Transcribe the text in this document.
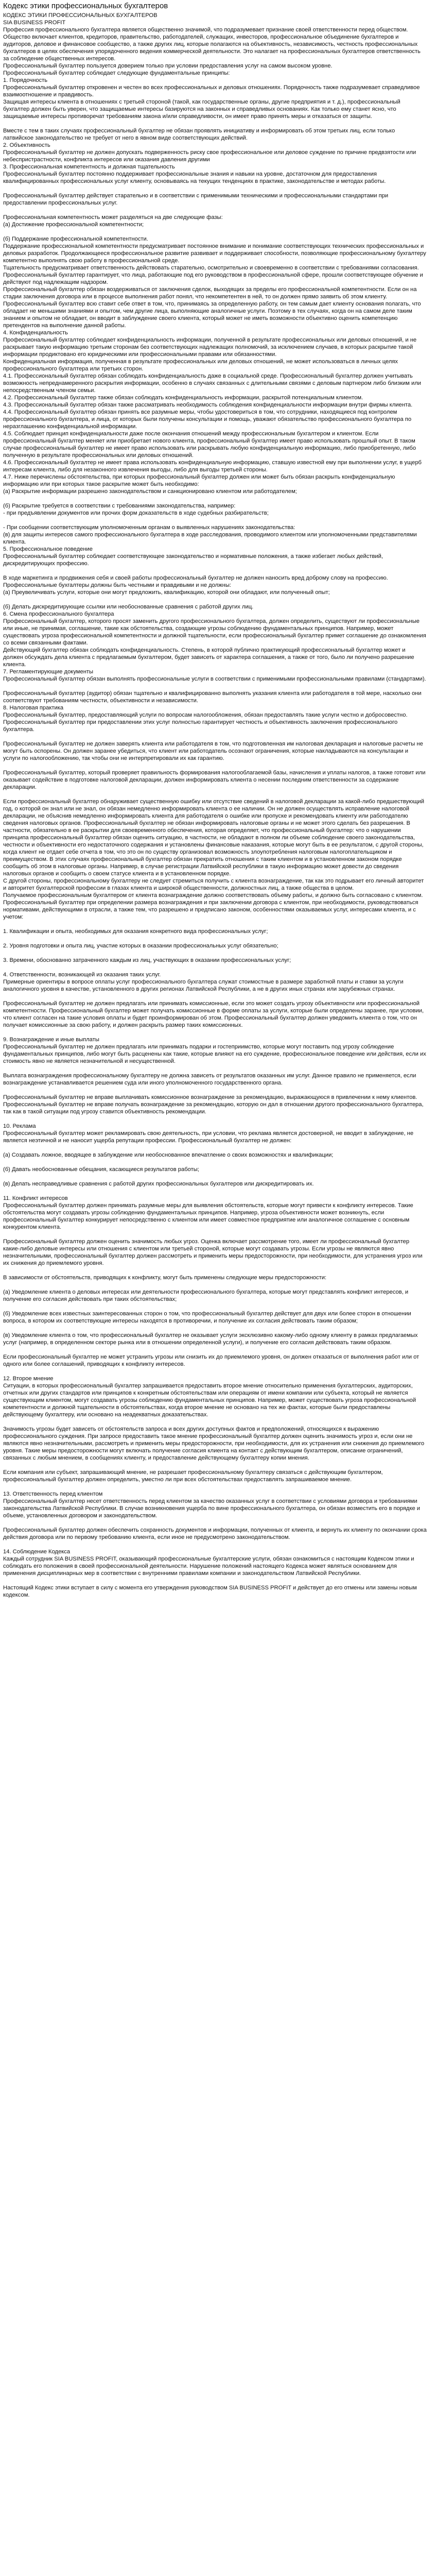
Кодекс этики профессиональных бухгалтеров

КОДЕКС ЭТИКИ ПРОФЕССИОНАЛЬНЫХ БУХГАЛТЕРОВ

SIA BUSINESS PROFIT

Профессия профессионального бухгалтера является общественно значимой, что подразумевает признание своей ответственности перед обществом. Общество включает клиентов, кредиторов, правительство, работодателей, служащих, инвесторов, профессиональное объединение бухгалтеров и аудиторов, деловое и финансовое сообщество, а также других лиц, которые полагаются на объективность, независимость, честность профессиональных бухгалтеров в целях обеспечения упорядоченного ведения коммерческой деятельности. Это налагает на профессиональных бухгалтеров ответственность за соблюдение общественных интересов.

Профессиональный бухгалтер пользуется доверием только при условии предоставления услуг на самом высоком уровне.

Профессиональный бухгалтер соблюдает следующие фундаментальные принципы:

1. Порядочность

Профессиональный бухгалтер откровенен и честен во всех профессиональных и деловых отношениях. Порядочность также подразумевает справедливое взаимоотношение и правдивость.

Защищая интересы клиента в отношениях с третьей стороной (такой, как государственные органы, другие предприятия и т. д.), профессиональный бухгалтер должен быть уверен, что защищаемые интересы базируются на законных и справедливых основаниях. Как только ему станет ясно, что защищаемые интересы противоречат требованиям закона и/или справедливости, он имеет право принять меры и отказаться от защиты.

Вместе с тем в таких случаях профессиональный бухгалтер не обязан проявлять инициативу и информировать об этом третьих лиц, если только латвийское законодательство не требует от него в явном виде соответствующих действий.

2. Объективность

Профессиональный бухгалтер не должен допускать подверженность риску свое профессиональное или деловое суждение по причине предвзятости или небеспристрастности, конфликта интересов или оказания давления другими

3. Профессиональная компетентность и должная тщательность

Профессиональный бухгалтер постоянно поддерживает профессиональные знания и навыки на уровне, достаточном для предоставления квалифицированных профессиональных услуг клиенту, основываясь на текущих тенденциях в практике, законодательстве и методах работы.

Профессиональный бухгалтер действует старательно и в соответствии с применимыми техническими и профессиональными стандартами при предоставлении профессиональных услуг.

Профессиональная компетентность может разделяться на две следующие фазы:

(а) Достижение профессиональной компетентности;

(б) Поддержание профессиональной компетентности.

Поддержание профессиональной компетентности предусматривает постоянное внимание и понимание соответствующих технических профессиональных и деловых разработок. Продолжающееся профессиональное развитие развивает и поддерживает способности, позволяющие профессиональному бухгалтеру компетентно выполнять свою работу в профессиональной среде.

Тщательность предусматривает ответственность действовать старательно, осмотрительно и своевременно в соответствии с требованиями согласования.

Профессиональный бухгалтер гарантирует, что лица, работающие под его руководством в профессиональной сфере, прошли соответствующее обучение и действуют под надлежащим надзором.

Профессиональный бухгалтер обязан воздерживаться от заключения сделок, выходящих за пределы его профессиональной компетентности. Если он на стадии заключения договора или в процессе выполнения работ понял, что некомпетентен в ней, то он должен прямо заявить об этом клиенту.

Профессиональный бухгалтер всю ставит себе ответ в том, что, принимаясь за определенную работу, он тем самым дает клиенту основания полагать, что обладает не меньшими знаниями и опытом, чем другие лица, выполняющие аналогичные услуги. Поэтому в тех случаях, когда он на самом деле таким знанием и опытом не обладает, он вводит в заблуждение своего клиента, который может не иметь возможности объективно оценить компетенцию претендентов на выполнение данной работы.

4. Конфиденциальность

Профессиональный бухгалтер соблюдает конфиденциальность информации, полученной в результате профессиональных или деловых отношений, и не раскрывает такую информацию третьим сторонам без соответствующих надлежащих полномочий, за исключением случаев, в которых раскрытие такой информации продиктовано его юридическими или профессиональными правами или обязанностями.

Конфиденциальная информация, полученная в результате профессиональных или деловых отношений, не может использоваться в личных целях профессионального бухгалтера или третьих сторон.

4.1. Профессиональный бухгалтер обязан соблюдать конфиденциальность даже в социальной среде. Профессиональный бухгалтер должен учитывать возможность непреднамеренного раскрытия информации, особенно в случаях связанных с длительными связями с деловым партнером либо близким или непосредственным членом семьи.

4.2. Профессиональный бухгалтер также обязан соблюдать конфиденциальность информации, раскрытой потенциальным клиентом.

4.3. Профессиональный бухгалтер обязан также рассматривать необходимость соблюдения конфиденциальности информации внутри фирмы клиента.

4.4. Профессиональный бухгалтер обязан принять все разумные меры, чтобы удостовериться в том, что сотрудники, находящиеся под контролем профессионального бухгалтера, и лица, от которых были получены консультации и помощь, уважают обязательство профессионального бухгалтера по неразглашению конфиденциальной информации.

4.5. Соблюдает принцип конфиденциальности даже после окончания отношений между профессиональным бухгалтером и клиентом. Если профессиональный бухгалтер меняет или приобретает нового клиента, профессиональный бухгалтер имеет право использовать прошлый опыт. В таком случае профессиональный бухгалтер не имеет право использовать или раскрывать любую конфиденциальную информацию, либо приобретенную, либо полученную в результате профессиональных или деловых отношений.

4.6. Профессиональный бухгалтер не имеет права использовать конфиденциальную информацию, ставшую известной ему при выполнении услуг, в ущерб интересам клиента, либо для незаконного извлечения выгоды, либо для выгоды третьей стороны.

4.7. Ниже перечислены обстоятельства, при которых профессиональный бухгалтер должен или может быть обязан раскрыть конфиденциальную информацию или при которых такое раскрытие может быть необходимо:

(а) Раскрытие информации разрешено законодательством и санкционировано клиентом или работодателем;

(б) Раскрытие требуется в соответствии с требованиями законодательства, например:

- при предъявлении документов или прочих форм доказательств в ходе судебных разбирательств;

- При сообщении соответствующим уполномоченным органам о выявленных нарушениях законодательства:

(в) для защиты интересов самого профессионального бухгалтера в ходе расследования, проводимого клиентом или уполномоченными представителями клиента.

5. Профессиональное поведение

Профессиональный бухгалтер соблюдает соответствующее законодательство и нормативные положения, а также избегает любых действий, дискредитирующих профессию.

В ходе маркетинга и продвижения себя и своей работы профессиональный бухгалтер не должен наносить вред доброму слову на профессию. Профессиональные бухгалтеры должны быть честными и правдивыми и не должны:

(а) Преувеличивать услуги, которые они могут предложить, квалификацию, которой они обладают, или полученный опыт;

(б) Делать дискредитирующие ссылки или необоснованные сравнения с работой других лиц.

6. Смена профессионального бухгалтера

Профессиональный бухгалтер, которого просят заменить другого профессионального бухгалтера, должен определить, существуют ли профессиональные или иные, не принимая, соглашение, такие как обстоятельства, создающие угрозы соблюдению фундаментальных принципов. Например, может существовать угроза профессиональной компетентности и должной тщательности, если профессиональный бухгалтер примет соглашение до ознакомления со всеми связанными фактами.

Действующий бухгалтер обязан соблюдать конфиденциальность. Степень, в которой публично практикующий профессиональный бухгалтер может и должен обсуждать дела клиента с предлагаемым бухгалтером, будет зависеть от характера соглашения, а также от того, было ли получено разрешение клиента.

7. Регламентирующие документы

Профессиональный бухгалтер обязан выполнять профессиональные услуги в соответствии с применимыми профессиональными правилами (стандартами).

Профессиональный бухгалтер (аудитор) обязан тщательно и квалифицированно выполнять указания клиента или работодателя в той мере, насколько они соответствуют требованиям честности, объективности и независимости.

8. Налоговая практика

Профессиональный бухгалтер, предоставляющий услуги по вопросам налогообложения, обязан предоставлять такие услуги честно и добросовестно. Профессиональный бухгалтер при предоставлении этих услуг полностью гарантирует честность и объективность заключения профессионального бухгалтера.

Профессиональный бухгалтер не должен заверять клиента или работодателя в том, что подготовленная им налоговая декларация и налоговые расчеты не могут быть оспорены. Он должен заранее убедиться, что клиент или работодатель осознают ограничения, которые накладываются на консультации и услуги по налогообложению, так чтобы они не интерпретировали их как гарантию.

Профессиональный бухгалтер, который проверяет правильность формирования налогооблагаемой базы, начисления и уплаты налогов, а также готовит или оказывает содействие в подготовке налоговой декларации, должен информировать клиента о несении последним ответственности за содержание декларации.

Если профессиональный бухгалтер обнаруживает существенную ошибку или отсутствие сведений в налоговой декларации за какой-либо предшествующий год, о которой он знал или не знал, он обязан немедленно информировать клиента о ее наличии. Он не должен осуществлять исправление налоговой декларации, не объяснив немедленно информировать клиента для работодателя о ошибке или пропуске и рекомендовать клиенту или работодателю сведения налоговых органов. Профессиональный бухгалтер не обязан информировать налоговые органы и не может этого сделать без разрешения. В частности, обязательно в ее раскрытии для своевременного обеспечения, которая определяет, что профессиональный бухгалтер: что о нарушении принципа профессиональный бухгалтер обязан оценить ситуацию, в частности, не обладают в полном ли объеме соблюдение своего законодательства, честности и объективности его недостаточного содержания и установлены финансовые наказания, которые могут быть в ее результатом, с другой стороны, когда клиент не отдает себе отчета в том, что это он по существу организовал возможность злоупотребления налоговым налогоплательщиком и преимуществом. В этих случаях профессиональный бухгалтер обязан прекратить отношения с таким клиентом и в установленном законом порядке сообщить об этом в налоговые органы. Например, в случае регистрации Латвийской республики в такую информацию может довести до сведения налоговых органов и сообщить о своем статусе клиента и в установленном порядке.

С другой стороны, профессиональному бухгалтеру не следует стремиться получить с клиента вознаграждение, так как это подрывает его личный авторитет и авторитет бухгалтерской профессии в глазах клиента и широкой общественности, должностных лиц, а также общества в целом.

Получаемое профессиональным бухгалтером от клиента вознаграждение должно соответствовать объему работы, и должно быть согласовано с клиентом. Профессиональный бухгалтер при определении размера вознаграждения и при заключении договора с клиентом, при необходимости, руководствоваться нормативами, действующими в отрасли, а также тем, что разрешено и предписано законом, особенностями оказываемых услуг, интересами клиента, и с учетом:

1. Квалификации и опыта, необходимых для оказания конкретного вида профессиональных услуг;

2. Уровня подготовки и опыта лиц, участие которых в оказании профессиональных услуг обязательно;

3. Времени, обоснованно затраченного каждым из лиц, участвующих в оказании профессиональных услуг;

4. Ответственности, возникающей из оказания таких услуг.

Примерные ориентиры в вопросе оплаты услуг профессионального бухгалтера служат стоимостные в размере заработной платы и ставки за услуги аналогичного уровня в качестве, установленного в других регионах Латвийской Республики, а не в других иных странах или зарубежных странах.

Профессиональный бухгалтер не должен предлагать или принимать комиссионные, если это может создать угрозу объективности или профессиональной компетентности. Профессиональный бухгалтер может получать комиссионные в форме оплаты за услуги, которые были определены заранее, при условии, что клиент согласен на такие условия оплаты и будет проинформирован об этом. Профессиональный бухгалтер должен уведомить клиента о том, что он получает комиссионные за свою работу, и должен раскрыть размер таких комиссионных.

9. Вознаграждение и иные выплаты

Профессиональный бухгалтер не должен предлагать или принимать подарки и гостеприимство, которые могут поставить под угрозу соблюдение фундаментальных принципов, либо могут быть расценены как такие, которые влияют на его суждение, профессиональное поведение или действия, если их стоимость явно не является незначительной и несущественной.

Выплата вознаграждения профессиональному бухгалтеру не должна зависеть от результатов оказанных им услуг. Данное правило не применяется, если вознаграждение устанавливается решением суда или иного уполномоченного государственного органа.

Профессиональный бухгалтер не вправе выплачивать комиссионное вознаграждение за рекомендацию, выражающуюся в привлечении к нему клиентов. Профессиональный бухгалтер не вправе получать вознаграждение за рекомендацию, которую он дал в отношении другого профессионального бухгалтера, так как в такой ситуации под угрозу ставится объективность рекомендации.

10. Реклама

Профессиональный бухгалтер может рекламировать свою деятельность, при условии, что реклама является достоверной, не вводит в заблуждение, не является неэтичной и не наносит ущерба репутации профессии. Профессиональный бухгалтер не должен:

(а) Создавать ложное, вводящее в заблуждение или необоснованное впечатление о своих возможностях и квалификации;

(б) Давать необоснованные обещания, касающиеся результатов работы;

(в) Делать несправедливые сравнения с работой других профессиональных бухгалтеров или дискредитировать их.

11. Конфликт интересов

Профессиональный бухгалтер должен принимать разумные меры для выявления обстоятельств, которые могут привести к конфликту интересов. Такие обстоятельства могут создавать угрозы соблюдению фундаментальных принципов. Например, угроза объективности может возникнуть, если профессиональный бухгалтер конкурирует непосредственно с клиентом или имеет совместное предприятие или аналогичное соглашение с основным конкурентом клиента.

Профессиональный бухгалтер должен оценить значимость любых угроз. Оценка включает рассмотрение того, имеет ли профессиональный бухгалтер какие-либо деловые интересы или отношения с клиентом или третьей стороной, которые могут создавать угрозы. Если угрозы не являются явно незначительными, профессиональный бухгалтер должен рассмотреть и применить меры предосторожности, при необходимости, для устранения угроз или их снижения до приемлемого уровня.

В зависимости от обстоятельств, приводящих к конфликту, могут быть применены следующие меры предосторожности:

(а) Уведомление клиента о деловых интересах или деятельности профессионального бухгалтера, которые могут представлять конфликт интересов, и получение его согласия действовать при таких обстоятельствах;

(б) Уведомление всех известных заинтересованных сторон о том, что профессиональный бухгалтер действует для двух или более сторон в отношении вопроса, в котором их соответствующие интересы находятся в противоречии, и получение их согласия действовать таким образом;

(в) Уведомление клиента о том, что профессиональный бухгалтер не оказывает услуги эксклюзивно какому-либо одному клиенту в рамках предлагаемых услуг (например, в определенном секторе рынка или в отношении определенной услуги), и получение его согласия действовать таким образом.

Если профессиональный бухгалтер не может устранить угрозы или снизить их до приемлемого уровня, он должен отказаться от выполнения работ или от одного или более соглашений, приводящих к конфликту интересов.

12. Второе мнение

Ситуации, в которых профессиональный бухгалтер запрашивается предоставить второе мнение относительно применения бухгалтерских, аудиторских, отчетных или других стандартов или принципов к конкретным обстоятельствам или операциям от имени компании или субъекта, который не является существующим клиентом, могут создавать угрозы соблюдению фундаментальных принципов. Например, может существовать угроза профессиональной компетентности и должной тщательности в обстоятельствах, когда второе мнение не основано на тех же фактах, которые были предоставлены действующему бухгалтеру, или основано на неадекватных доказательствах.

Значимость угрозы будет зависеть от обстоятельств запроса и всех других доступных фактов и предположений, относящихся к выражению профессионального суждения. При запросе предоставить такое мнение профессиональный бухгалтер должен оценить значимость угроз и, если они не являются явно незначительными, рассмотреть и применить меры предосторожности, при необходимости, для их устранения или снижения до приемлемого уровня. Такие меры предосторожности могут включать получение согласия клиента на контакт с действующим бухгалтером, описание ограничений, связанных с любым мнением, в сообщениях клиенту, и предоставление действующему бухгалтеру копии мнения.

Если компания или субъект, запрашивающий мнение, не разрешает профессиональному бухгалтеру связаться с действующим бухгалтером, профессиональный бухгалтер должен определить, уместно ли при всех обстоятельствах предоставлять запрашиваемое мнение.

13. Ответственность перед клиентом

Профессиональный бухгалтер несет ответственность перед клиентом за качество оказанных услуг в соответствии с условиями договора и требованиями законодательства Латвийской Республики. В случае возникновения ущерба по вине профессионального бухгалтера, он обязан возместить его в порядке и объеме, установленных договором и законодательством.

Профессиональный бухгалтер должен обеспечить сохранность документов и информации, полученных от клиента, и вернуть их клиенту по окончании срока действия договора или по первому требованию клиента, если иное не предусмотрено законодательством.

14. Соблюдение Кодекса

Каждый сотрудник SIA BUSINESS PROFIT, оказывающий профессиональные бухгалтерские услуги, обязан ознакомиться с настоящим Кодексом этики и соблюдать его положения в своей профессиональной деятельности. Нарушение положений настоящего Кодекса может являться основанием для применения дисциплинарных мер в соответствии с внутренними правилами компании и законодательством Латвийской Республики.

Настоящий Кодекс этики вступает в силу с момента его утверждения руководством SIA BUSINESS PROFIT и действует до его отмены или замены новым кодексом.
